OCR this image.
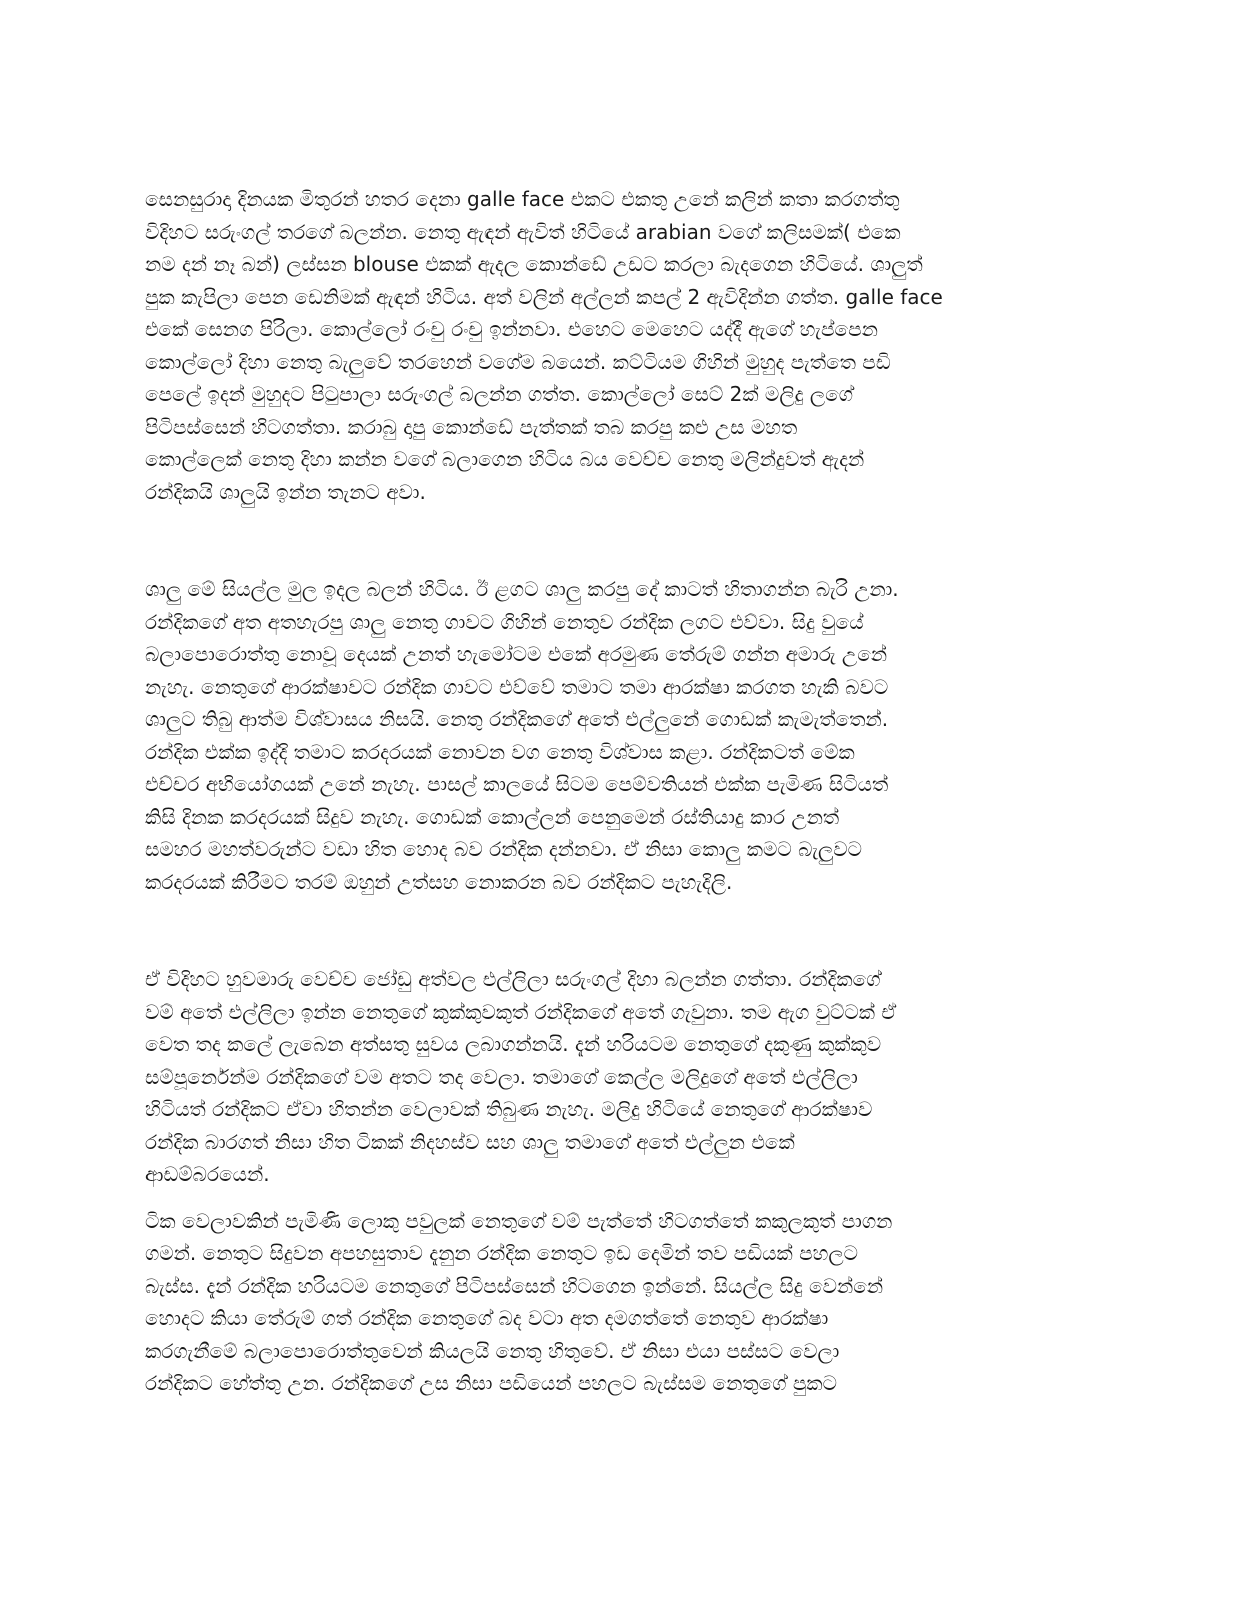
සෙනසුරාදා දිනයක මිතුරන් හතර දෙනා galle face එකට එකතු උනේ කලින් කතා කරගත්තු
විදිහට සරුංගල් තරගේ බලන්න. නෙතු ඇඳන් ඇවිත් හිටියේ arabian වගේ කලිසමක්( එකෙ
නම දන් නෑ බන්) ලස්සන blouse එකක් ඇදල කොන්ඩේ උඩට කරලා බැදගෙන හිටියේ. ශාලුත්
පුක කැපිලා පෙන ඩෙනිමක් ඇඳන් හිටිය. අත් වලින් අල්ලන් කපල් 2 ඇවිදින්න ගත්ත. galle face
එකේ සෙනග පිරිලා. කොල්ලෝ රංචු රංචු ඉන්නවා. එහෙට මෙහෙට යද්දී ඇගේ හැප්පෙන
කොල්ලෝ දිහා නෙතු බැලුවේ තරහෙන් වගේම බයෙන්. කට්ටියම ගිහින් මුහුද පැත්තෙ පඩි
පෙලේ ඉදන් මුහුදට පිටුපාලා සරුංගල් බලන්න ගත්ත. කොල්ලෝ සෙට් 2ක් මලිදු ලගේ
පිටිපස්සෙන් හිටගත්තා. කරාබු දාපු කොන්ඩේ පැත්තක් තබ කරපු කළු උස මහත
කොල්ලෙක් නෙතු දිහා කන්න වගේ බලාගෙන හිටිය බය වෙච්ච නෙතු මලින්දුවත් ඇදන්
රන්දිකයි ශාලුයි ඉන්න තැනට අවා.

ශාලු මේ සියල්ල මුල ඉදල බලන් හිටිය. ඊ ළගට ශාලු කරපු දේ කාටත් හිතාගන්න බැරි උනා.
රන්දිකගේ අත අතහැරපු ශාලු නෙතු ගාවට ගිහින් නෙතුව රන්දික ලගට එව්වා. සිදු වුයේ
බලාපොරොත්තු නොවූ දෙයක් උනත් හැමෝටම එකේ අරමුණ තේරුම් ගන්න අමාරු උනේ
නැහැ. නෙතුගේ ආරක්ෂාවට රන්දික ගාවට එව්වේ තමාට තමා ආරක්ෂා කරගත හැකි බවට
ශාලුට තිබු ආත්ම විශ්වාසය නිසයි. නෙතු රන්දිකගේ අතේ එල්ලුනේ ගොඩක් කැමැත්තෙන්.
රන්දික එක්ක ඉද්දි තමාට කරදරයක් නොවන වග නෙතු විශ්වාස කළා. රන්දිකටත් මේක
එච්චර අභියෝගයක් උනේ නැහැ. පාසල් කාලයේ සිටම පෙම්වතියන් එක්ක පැමිණ සිටියත්
කිසි දිනක කරදරයක් සිදුව නැහැ. ගොඩක් කොල්ලන් පෙනුමෙන් රස්තියාදු කාර උනත්
සමහර මහත්වරුන්ට වඩා හිත හොද බව රන්දික දන්නවා. ඒ නිසා කොලු කමට බැලුවට
කරදරයක් කිරීමට තරම් ඔහුන් උත්සහ නොකරන බව රන්දිකට පැහැදිලි.

ඒ විදිහට හුවමාරු වෙච්ච ජෝඩු අත්වල එල්ලිලා සරුංගල් දිහා බලන්න ගත්තා. රන්දිකගේ
වම් අතේ එල්ලිලා ඉන්න නෙතුගේ කුක්කුවකුත් රන්දිකගේ අතේ ගැවුනා. තම ඇග වුට්ටක් ඒ
වෙත තද කලේ ලැබෙන අත්සතු සුවය ලබාගන්නයි. දැන් හරියටම නෙතුගේ දකුණු කුක්කුව
සම්පූර්නෙන්ම රන්දිකගේ වම අතට තද වෙලා. තමාගේ කෙල්ල මලිදුගේ අතේ එල්ලිලා
හිටියත් රන්දිකට ඒවා හිතන්න වෙලාවක් තිබුණ නැහැ. මලිදු හිටියේ නෙතුගේ ආරක්ෂාව
රන්දික බාරගත් නිසා හිත ටිකක් නිදහස්ව සහ ශාලු තමාගේ අතේ එල්ලුන එකේ
ආඩම්බරයෙන්.

ටික වෙලාවකින් පැමිණි ලොකු පවුලක් නෙතුගේ වම් පැත්තේ හිටගත්තේ කකුලකුත් පාගන
ගමන්. නෙතුට සිදුවන අපහසුතාව දැනුන රන්දික නෙතුට ඉඩ දෙමින් තව පඩියක් පහලට
බැස්ස. දැන් රන්දික හරියටම නෙතුගේ පිටිපස්සෙන් හිටගෙන ඉන්නේ. සියල්ල සිදු වෙන්නේ
හොදට කියා තේරුම් ගත් රන්දික නෙතුගේ බද වටා අත දමගත්තේ නෙතුව ආරක්ෂා
කරගැනීමේ බලාපොරොත්තුවෙන් කියලයි නෙතු හිතුවේ. ඒ නිසා එයා පස්සට වෙලා
රන්දිකට හේත්තු උන. රන්දිකගේ උස නිසා පඩියෙන් පහලට බැස්සම නෙතුගේ පුකට
